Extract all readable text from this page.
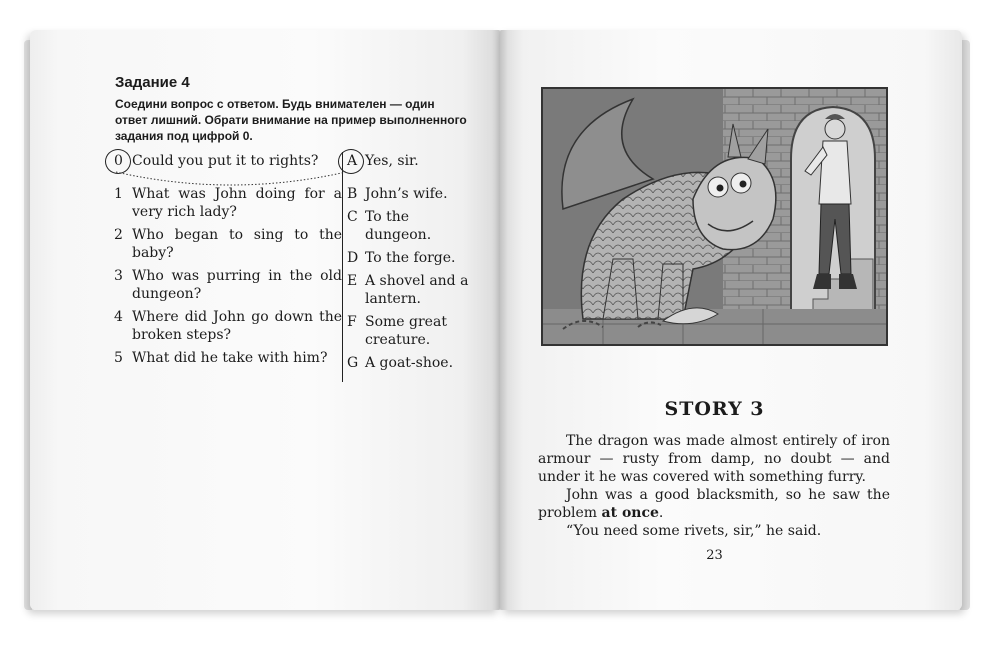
Задание 4
Соедини вопрос с ответом. Будь внимателен — один ответ лишний. Обрати внимание на пример выполненного задания под цифрой 0.
0 Could you put it to rights?
1 What was John doing for a very rich lady?
2 Who began to sing to the baby?
3 Who was purring in the old dungeon?
4 Where did John go down the broken steps?
5 What did he take with him?
A Yes, sir.
B John’s wife.
C To the dungeon.
D To the forge.
E A shovel and a lantern.
F Some great creature.
G A goat-shoe.
STORY 3

The dragon was made almost entirely of iron armour — rusty from damp, no doubt — and under it he was covered with something furry.

John was a good blacksmith, so he saw the problem at once.

“You need some rivets, sir,” he said.

23
